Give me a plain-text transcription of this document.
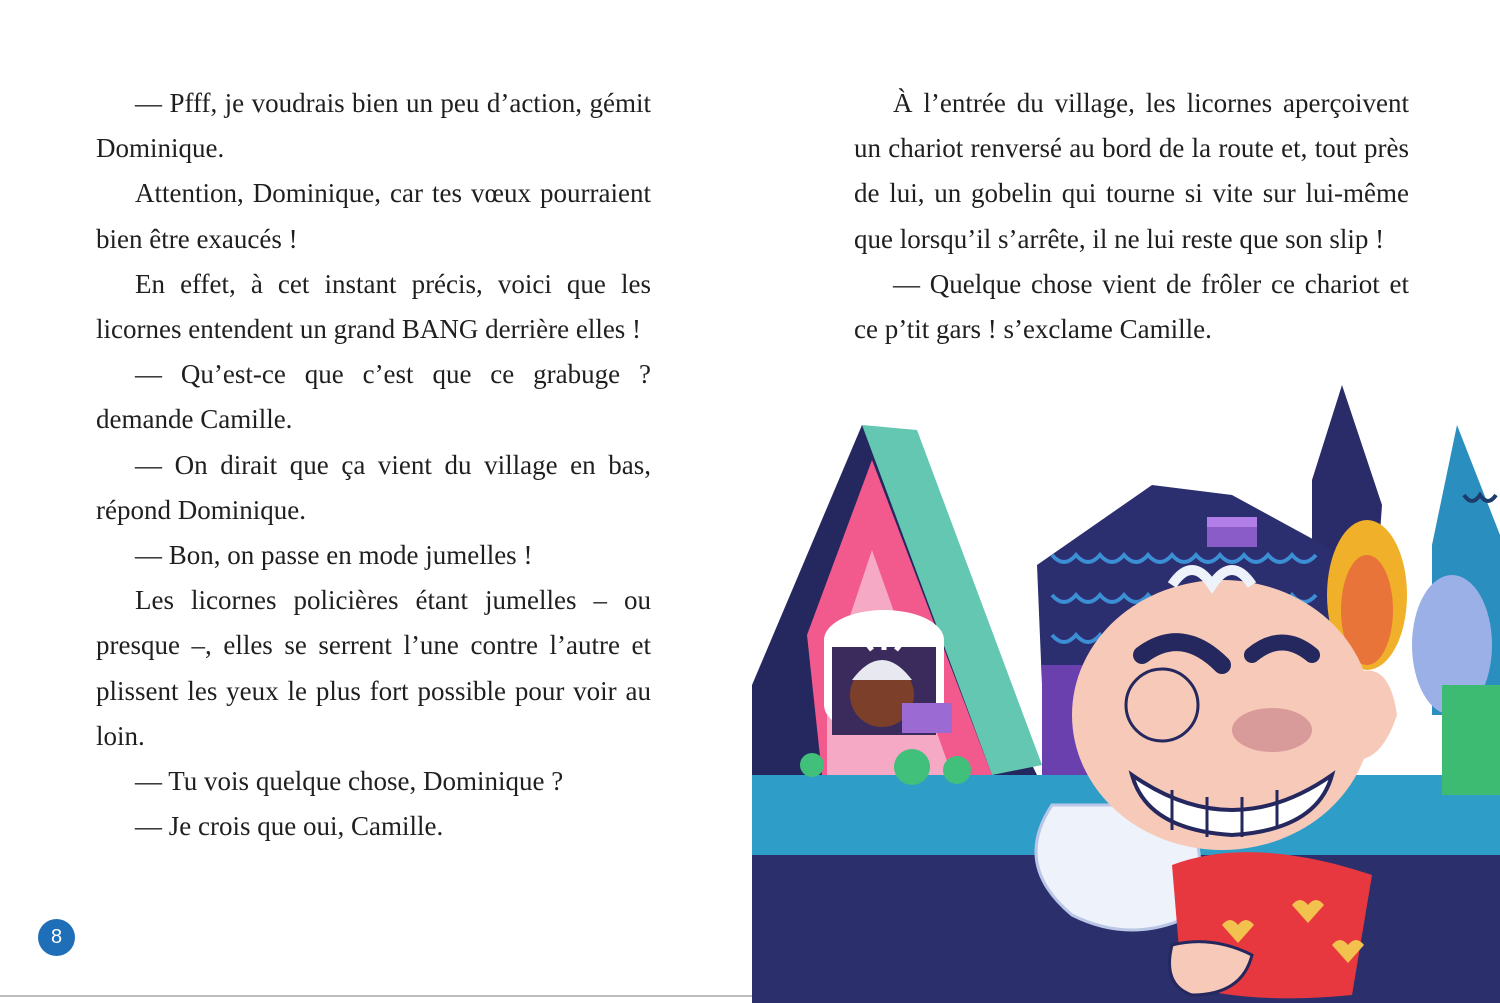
— Pfff, je voudrais bien un peu d’action, gémit Dominique.

Attention, Dominique, car tes vœux pourraient bien être exaucés !

En effet, à cet instant précis, voici que les licornes entendent un grand BANG derrière elles !

— Qu’est-ce que c’est que ce grabuge ? demande Camille.

— On dirait que ça vient du village en bas, répond Dominique.

— Bon, on passe en mode jumelles !

Les licornes policières étant jumelles – ou presque –, elles se serrent l’une contre l’autre et plissent les yeux le plus fort possible pour voir au loin.

— Tu vois quelque chose, Dominique ?

— Je crois que oui, Camille.

8

À l’entrée du village, les licornes aperçoivent un chariot renversé au bord de la route et, tout près de lui, un gobelin qui tourne si vite sur lui-même que lorsqu’il s’arrête, il ne lui reste que son slip !

— Quelque chose vient de frôler ce chariot et ce p’tit gars ! s’exclame Camille.
